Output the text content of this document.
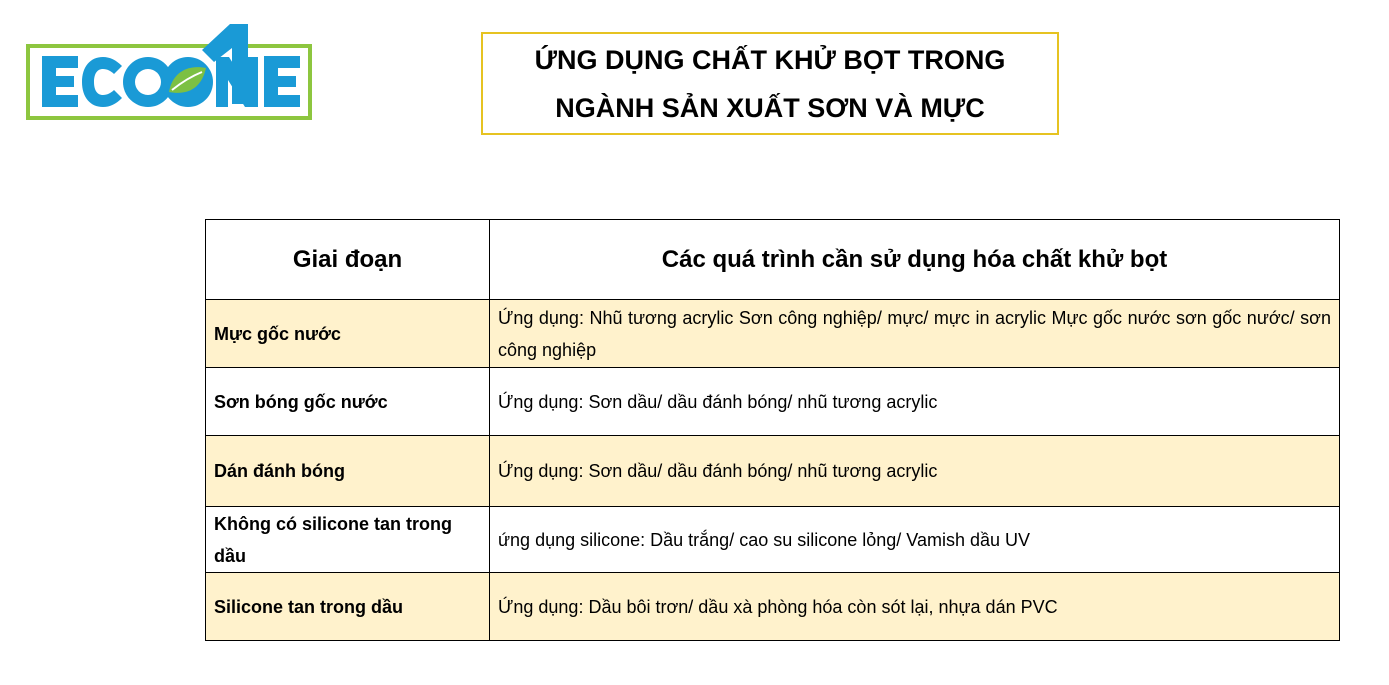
ỨNG DỤNG CHẤT KHỬ BỌT TRONG
NGÀNH SẢN XUẤT SƠN VÀ MỰC
Giai đoạn	Các quá trình cần sử dụng hóa chất khử bọt
Mực gốc nước	Ứng dụng: Nhũ tương acrylic Sơn công nghiệp/ mực/ mực in acrylic Mực gốc nước sơn gốc nước/ sơn công nghiệp
Sơn bóng gốc nước	Ứng dụng: Sơn dầu/ dầu đánh bóng/ nhũ tương acrylic
Dán đánh bóng	Ứng dụng: Sơn dầu/ dầu đánh bóng/ nhũ tương acrylic
Không có silicone tan trong dầu	ứng dụng silicone: Dầu trắng/ cao su silicone lỏng/ Vamish dầu UV
Silicone tan trong dầu	Ứng dụng: Dầu bôi trơn/ dầu xà phòng hóa còn sót lại, nhựa dán PVC
